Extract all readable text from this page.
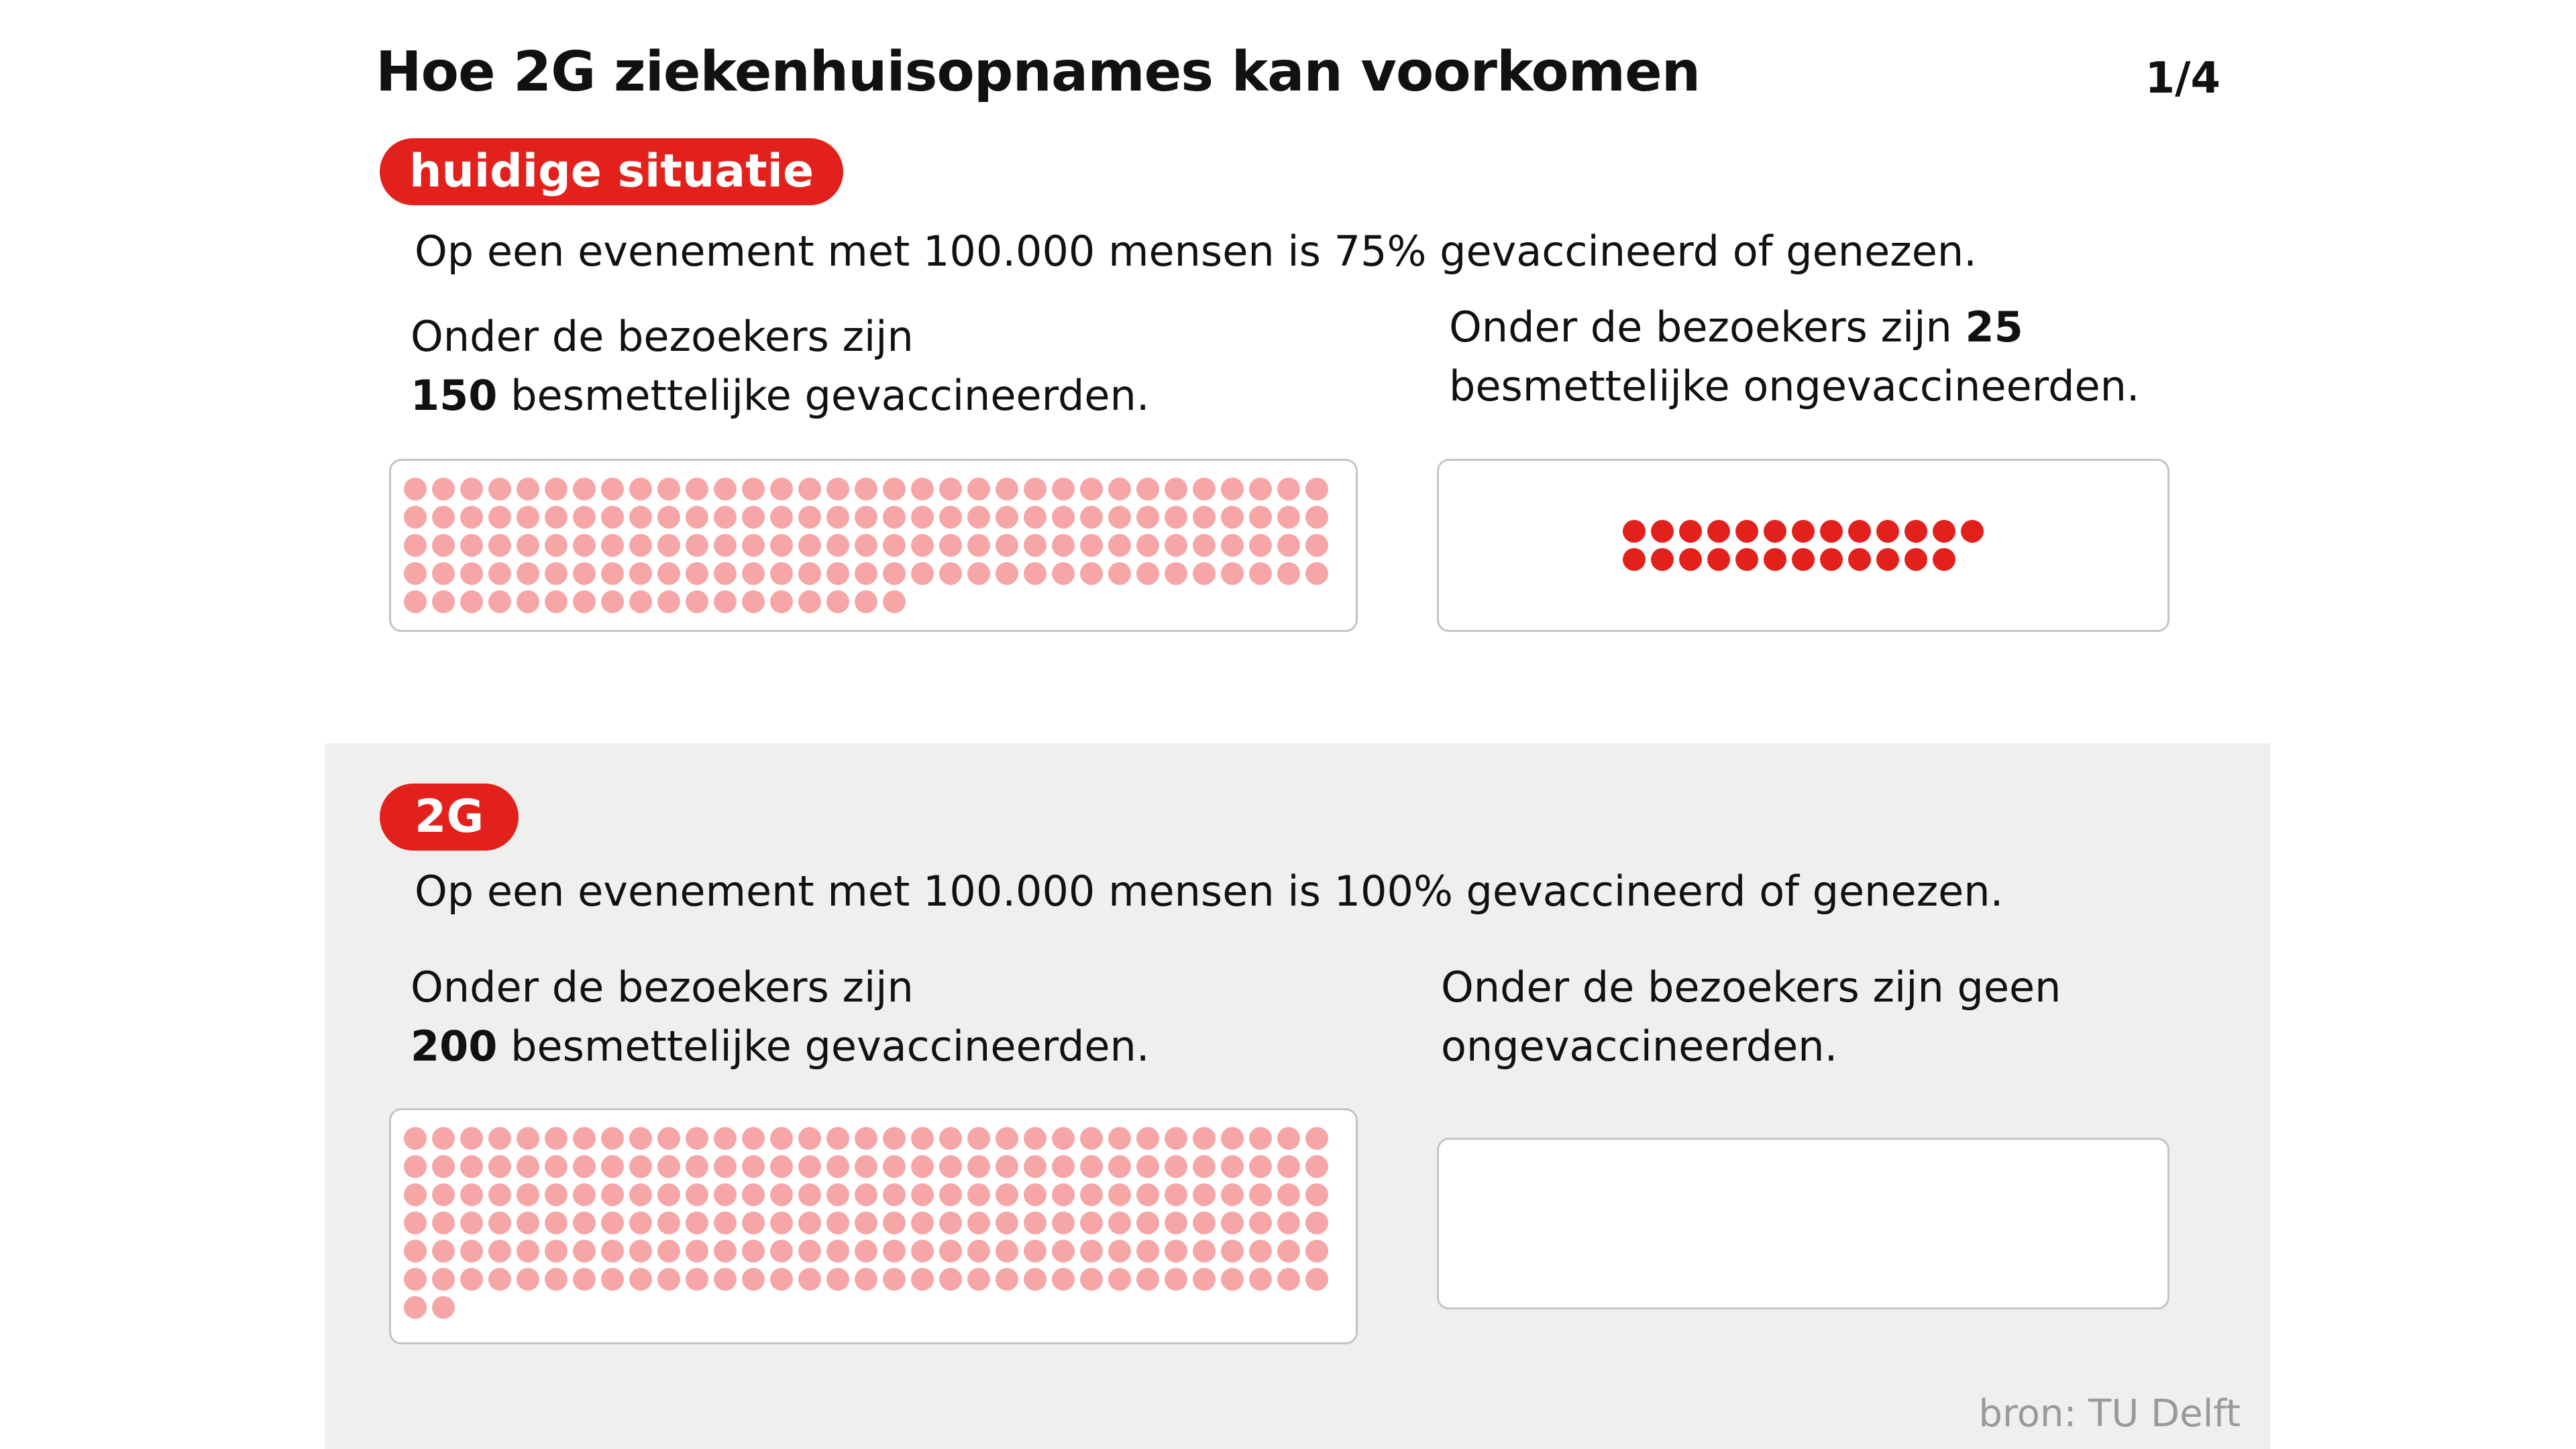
Hoe 2G ziekenhuisopnames kan voorkomen	1/4
huidige situatie
Op een evenement met 100.000 mensen is 75% gevaccineerd of genezen.
Onder de bezoekers zijn
150 besmettelijke gevaccineerden.
Onder de bezoekers zijn 25
besmettelijke ongevaccineerden.
2G
Op een evenement met 100.000 mensen is 100% gevaccineerd of genezen.
Onder de bezoekers zijn
200 besmettelijke gevaccineerden.
Onder de bezoekers zijn geen
ongevaccineerden.
bron: TU Delft
